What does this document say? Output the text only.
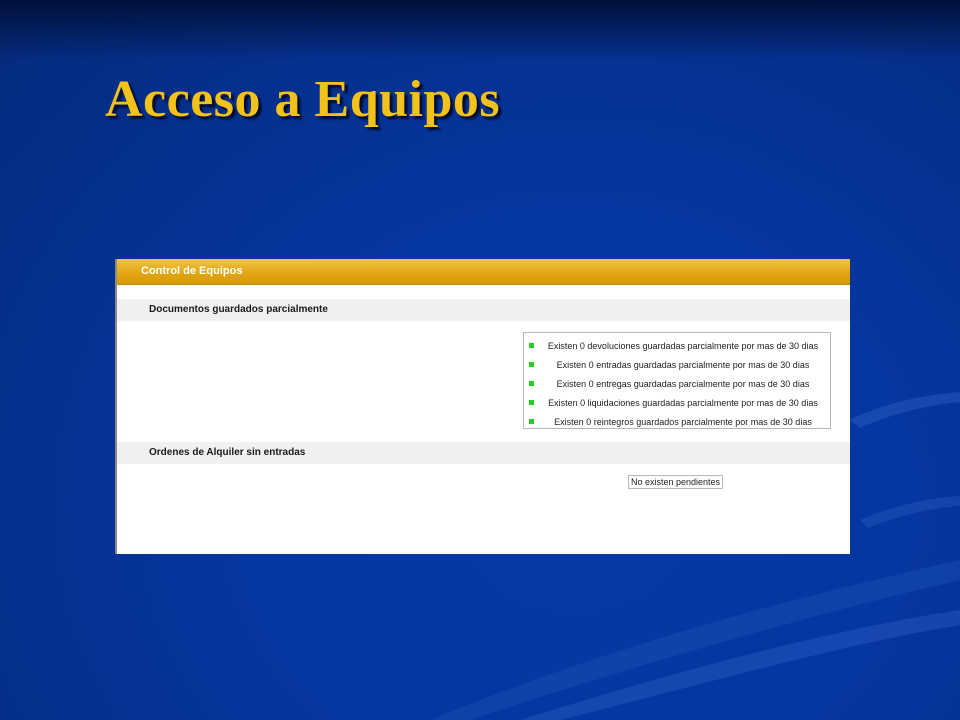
Acceso a Equipos
Control de Equipos
Documentos guardados parcialmente
Existen 0 devoluciones guardadas parcialmente por mas de 30 dias
Existen 0 entradas guardadas parcialmente por mas de 30 dias
Existen 0 entregas guardadas parcialmente por mas de 30 dias
Existen 0 liquidaciones guardadas parcialmente por mas de 30 dias
Existen 0 reintegros guardados parcialmente por mas de 30 dias
Ordenes de Alquiler sin entradas
No existen pendientes
